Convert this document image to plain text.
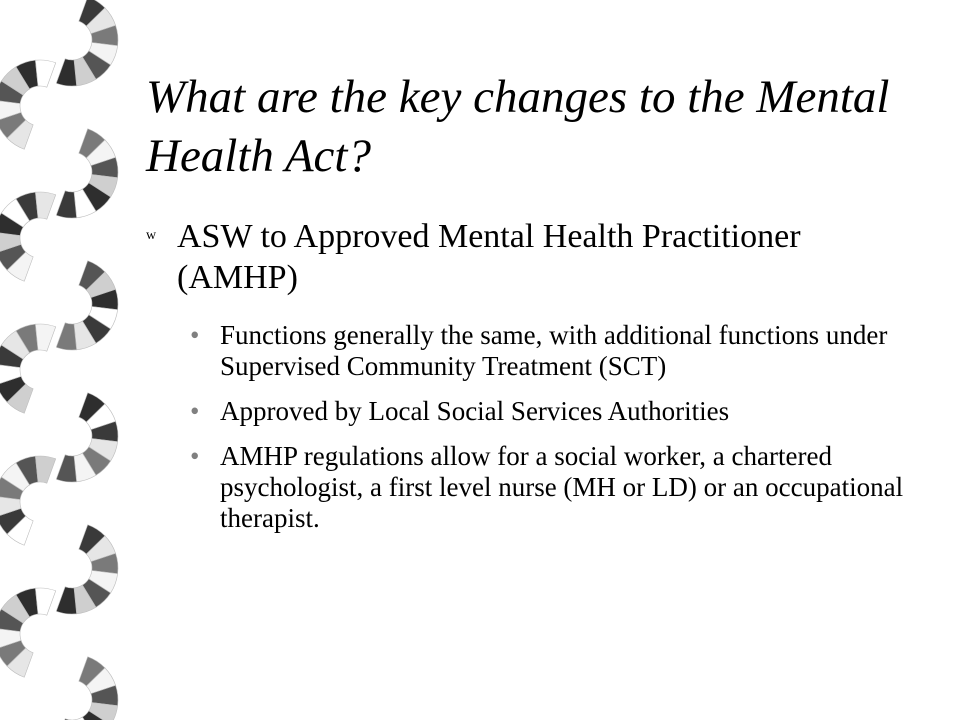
What are the key changes to the Mental Health Act?
w ASW to Approved Mental Health Practitioner (AMHP)
• Functions generally the same, with additional functions under Supervised Community Treatment (SCT)
• Approved by Local Social Services Authorities
• AMHP regulations allow for a social worker, a chartered psychologist, a first level nurse (MH or LD) or an occupational therapist.
